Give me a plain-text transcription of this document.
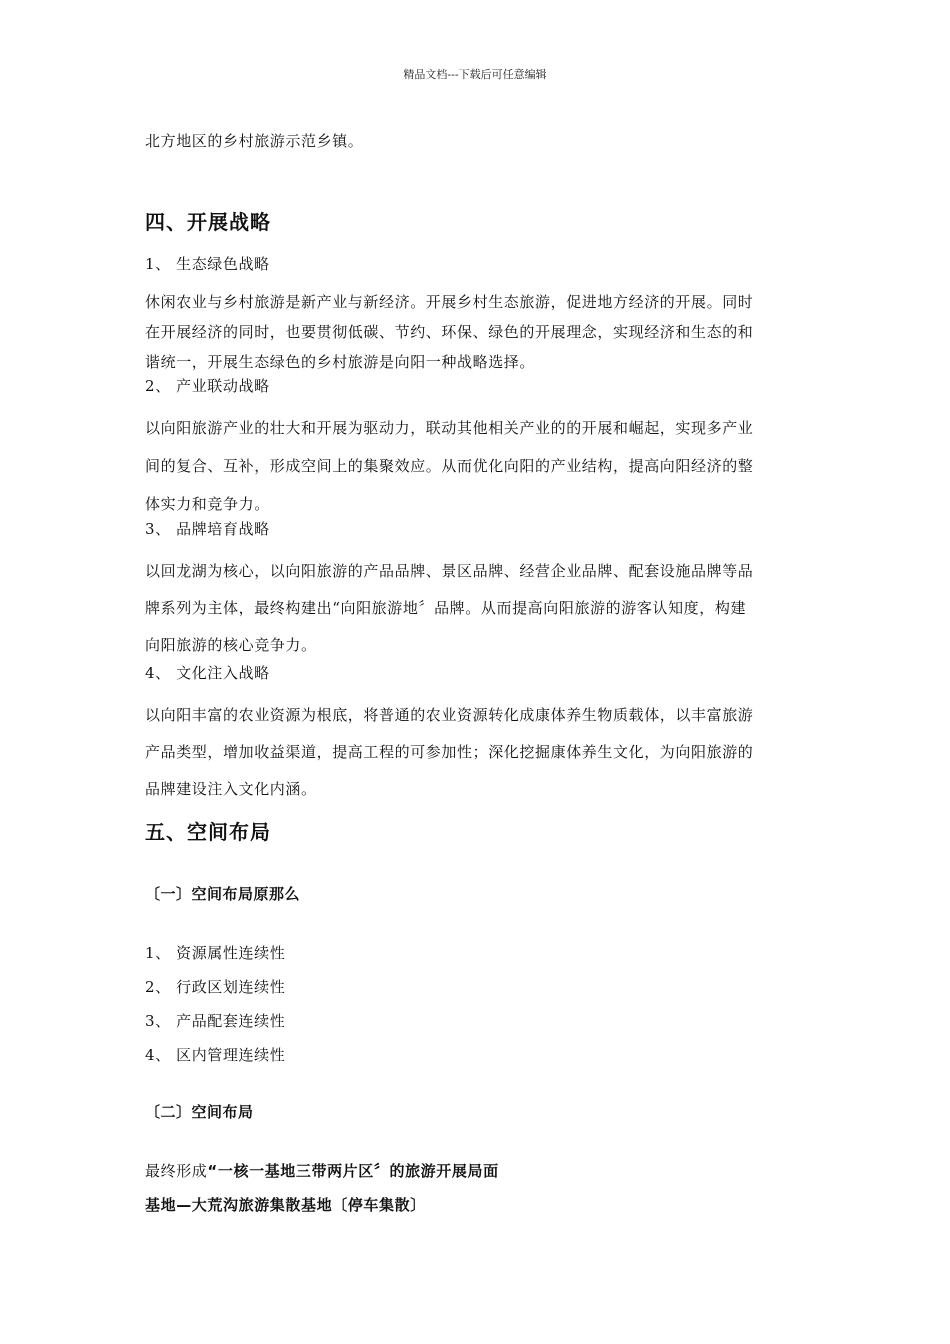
精品文档---下载后可任意编辑
北方地区的乡村旅游示范乡镇。
四、开展战略
1、 生态绿色战略
休闲农业与乡村旅游是新产业与新经济。开展乡村生态旅游，促进地方经济的开展。同时
在开展经济的同时，也要贯彻低碳、节约、环保、绿色的开展理念，实现经济和生态的和
谐统一，开展生态绿色的乡村旅游是向阳一种战略选择。
2、 产业联动战略
以向阳旅游产业的壮大和开展为驱动力，联动其他相关产业的的开展和崛起，实现多产业
间的复合、互补，形成空间上的集聚效应。从而优化向阳的产业结构，提高向阳经济的整
体实力和竞争力。
3、 品牌培育战略
以回龙湖为核心，以向阳旅游的产品品牌、景区品牌、经营企业品牌、配套设施品牌等品
牌系列为主体，最终构建出“向阳旅游地〞品牌。从而提高向阳旅游的游客认知度，构建
向阳旅游的核心竞争力。
4、 文化注入战略
以向阳丰富的农业资源为根底，将普通的农业资源转化成康体养生物质载体，以丰富旅游
产品类型，增加收益渠道，提高工程的可参加性；深化挖掘康体养生文化，为向阳旅游的
品牌建设注入文化内涵。
五、空间布局
〔一〕空间布局原那么
1、 资源属性连续性
2、 行政区划连续性
3、 产品配套连续性
4、 区内管理连续性
〔二〕空间布局
最终形成“一核一基地三带两片区〞的旅游开展局面
基地—大荒沟旅游集散基地〔停车集散〕
